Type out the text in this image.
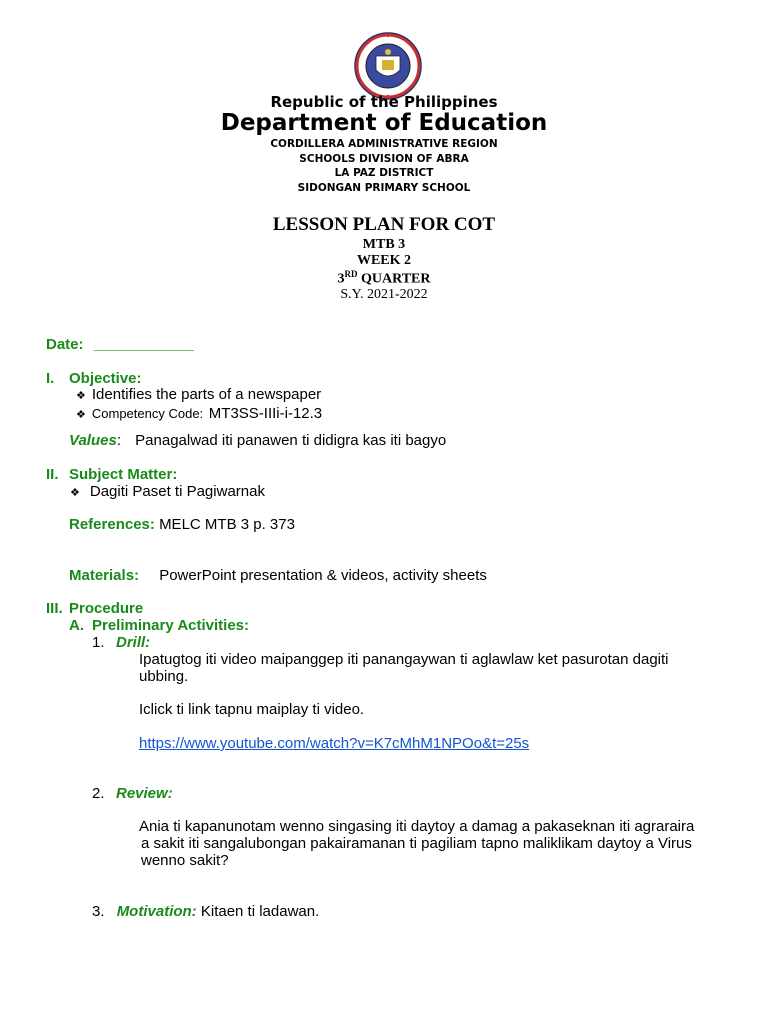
Republic of the Philippines
Department of Education
CORDILLERA ADMINISTRATIVE REGION
SCHOOLS DIVISION OF ABRA
LA PAZ DISTRICT
SIDONGAN PRIMARY SCHOOL
LESSON PLAN FOR COT
MTB 3
WEEK 2
3RD QUARTER
S.Y. 2021-2022
Date: ____________
I. Objective:
❖ Identifies the parts of a newspaper
❖ Competency Code: MT3SS-IIIi-i-12.3
Values: Panagalwad iti panawen ti didigra kas iti bagyo
II. Subject Matter:
❖ Dagiti Paset ti Pagiwarnak
References: MELC MTB 3 p. 373
Materials: PowerPoint presentation & videos, activity sheets
III. Procedure
A. Preliminary Activities:
1. Drill:
Ipatugtog iti video maipanggep iti panangaywan ti aglawlaw ket pasurotan dagiti
ubbing.
Iclick ti link tapnu maiplay ti video.
https://www.youtube.com/watch?v=K7cMhM1NPOo&t=25s
2. Review:
Ania ti kapanunotam wenno singasing iti daytoy a damag a pakaseknan iti agraraira
a sakit iti sangalubongan pakairamanan ti pagiliam tapno maliklikam daytoy a Virus
wenno sakit?
3. Motivation: Kitaen ti ladawan.
